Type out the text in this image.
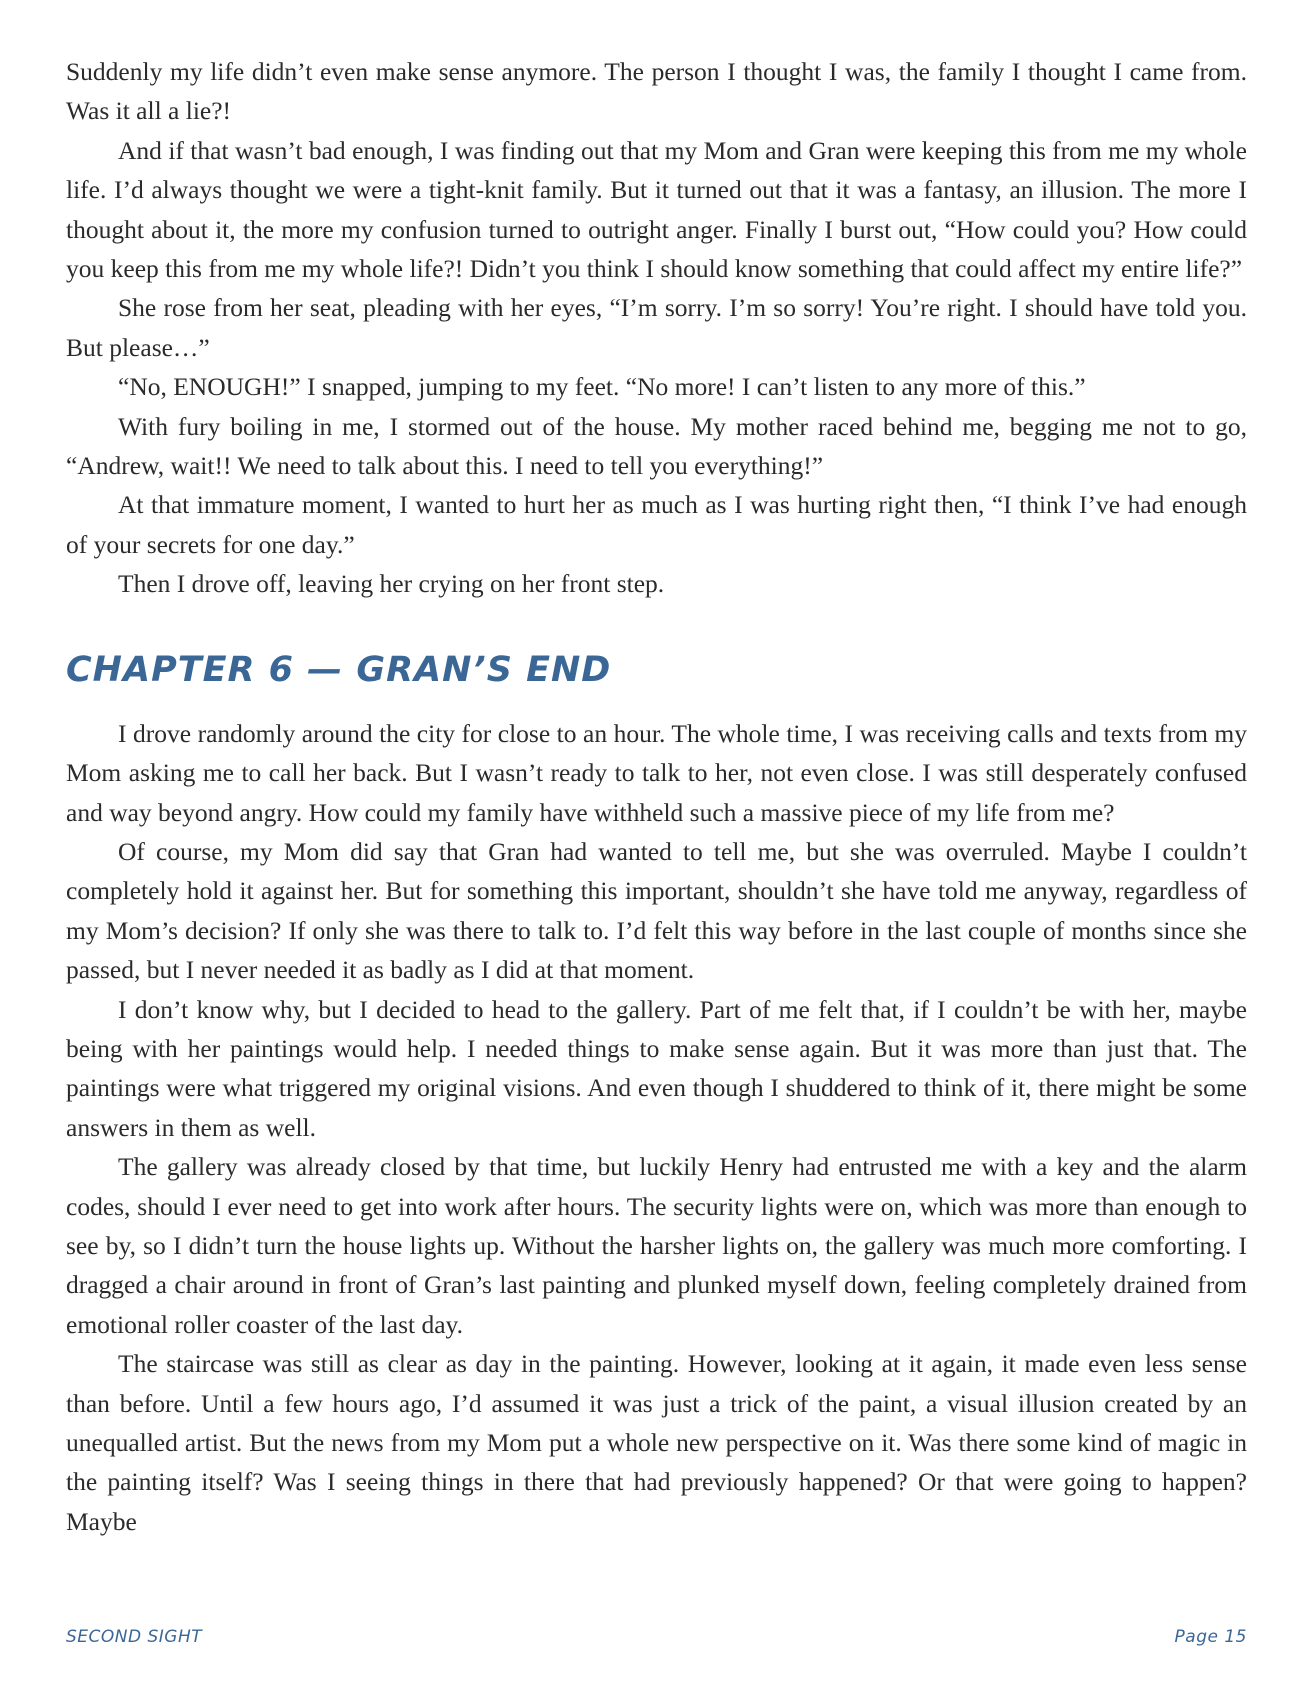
Suddenly my life didn’t even make sense anymore. The person I thought I was, the family I thought I came from. Was it all a lie?!

And if that wasn’t bad enough, I was finding out that my Mom and Gran were keeping this from me my whole life. I’d always thought we were a tight-knit family. But it turned out that it was a fantasy, an illusion. The more I thought about it, the more my confusion turned to outright anger. Finally I burst out, “How could you? How could you keep this from me my whole life?! Didn’t you think I should know something that could affect my entire life?”

She rose from her seat, pleading with her eyes, “I’m sorry. I’m so sorry! You’re right. I should have told you. But please…”

“No, ENOUGH!” I snapped, jumping to my feet. “No more! I can’t listen to any more of this.”

With fury boiling in me, I stormed out of the house. My mother raced behind me, begging me not to go, “Andrew, wait!! We need to talk about this. I need to tell you everything!”

At that immature moment, I wanted to hurt her as much as I was hurting right then, “I think I’ve had enough of your secrets for one day.”

Then I drove off, leaving her crying on her front step.

CHAPTER 6 — GRAN’S END

I drove randomly around the city for close to an hour. The whole time, I was receiving calls and texts from my Mom asking me to call her back. But I wasn’t ready to talk to her, not even close. I was still desperately confused and way beyond angry. How could my family have withheld such a massive piece of my life from me?

Of course, my Mom did say that Gran had wanted to tell me, but she was overruled. Maybe I couldn’t completely hold it against her. But for something this important, shouldn’t she have told me anyway, regardless of my Mom’s decision? If only she was there to talk to. I’d felt this way before in the last couple of months since she passed, but I never needed it as badly as I did at that moment.

I don’t know why, but I decided to head to the gallery. Part of me felt that, if I couldn’t be with her, maybe being with her paintings would help. I needed things to make sense again. But it was more than just that. The paintings were what triggered my original visions. And even though I shuddered to think of it, there might be some answers in them as well.

The gallery was already closed by that time, but luckily Henry had entrusted me with a key and the alarm codes, should I ever need to get into work after hours. The security lights were on, which was more than enough to see by, so I didn’t turn the house lights up. Without the harsher lights on, the gallery was much more comforting. I dragged a chair around in front of Gran’s last painting and plunked myself down, feeling completely drained from emotional roller coaster of the last day.

The staircase was still as clear as day in the painting. However, looking at it again, it made even less sense than before. Until a few hours ago, I’d assumed it was just a trick of the paint, a visual illusion created by an unequalled artist. But the news from my Mom put a whole new perspective on it. Was there some kind of magic in the painting itself? Was I seeing things in there that had previously happened? Or that were going to happen? Maybe

SECOND SIGHT	Page 15
